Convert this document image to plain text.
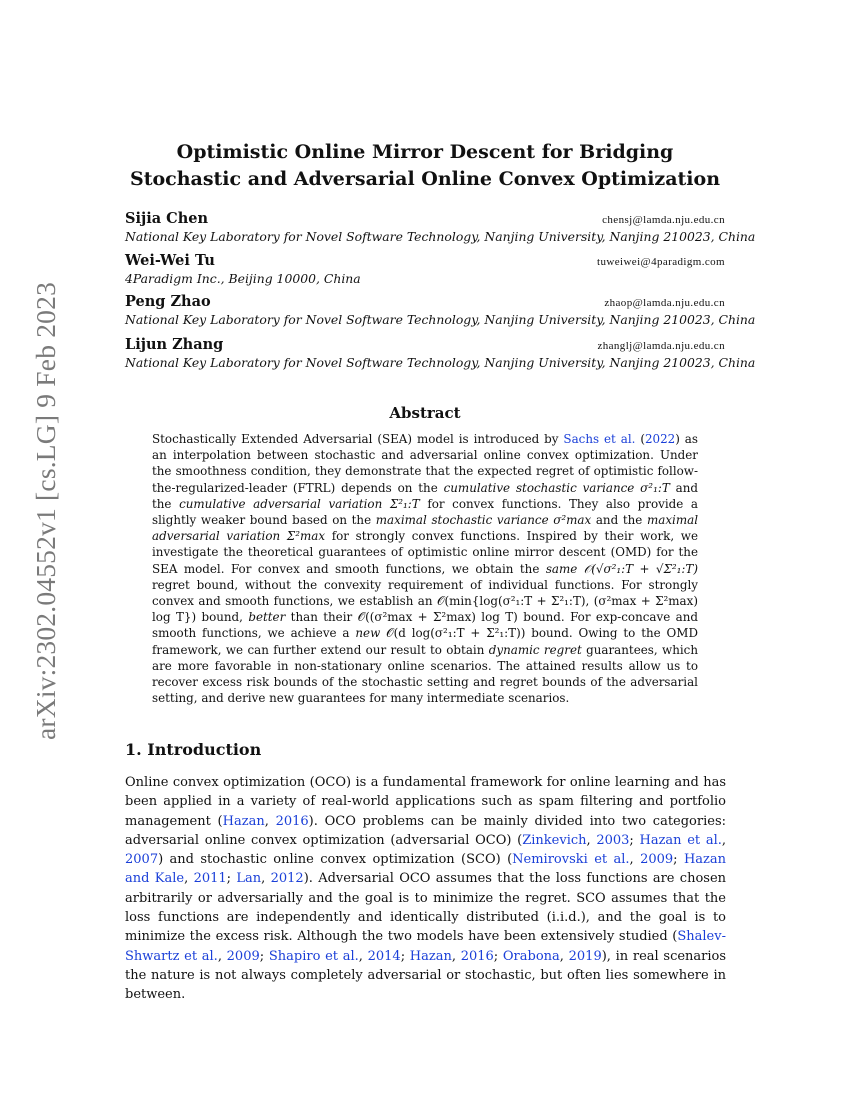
arXiv:2302.04552v1 [cs.LG] 9 Feb 2023
Optimistic Online Mirror Descent for Bridging
Stochastic and Adversarial Online Convex Optimization
Sijia Chen	chensj@lamda.nju.edu.cn
National Key Laboratory for Novel Software Technology, Nanjing University, Nanjing 210023, China
Wei-Wei Tu	tuweiwei@4paradigm.com
4Paradigm Inc., Beijing 10000, China
Peng Zhao	zhaop@lamda.nju.edu.cn
National Key Laboratory for Novel Software Technology, Nanjing University, Nanjing 210023, China
Lijun Zhang	zhanglj@lamda.nju.edu.cn
National Key Laboratory for Novel Software Technology, Nanjing University, Nanjing 210023, China
Abstract
Stochastically Extended Adversarial (SEA) model is introduced by Sachs et al. (2022) as an interpolation between stochastic and adversarial online convex optimization. Under the smoothness condition, they demonstrate that the expected regret of optimistic follow-the-regularized-leader (FTRL) depends on the cumulative stochastic variance σ²₁:T and the cumulative adversarial variation Σ²₁:T for convex functions. They also provide a slightly weaker bound based on the maximal stochastic variance σ²max and the maximal adversarial variation Σ²max for strongly convex functions. Inspired by their work, we investigate the theoretical guarantees of optimistic online mirror descent (OMD) for the SEA model. For convex and smooth functions, we obtain the same 𝒪(√σ²₁:T + √Σ²₁:T) regret bound, without the convexity requirement of individual functions. For strongly convex and smooth functions, we establish an 𝒪(min{log(σ²₁:T + Σ²₁:T), (σ²max + Σ²max) log T}) bound, better than their 𝒪((σ²max + Σ²max) log T) bound. For exp-concave and smooth functions, we achieve a new 𝒪(d log(σ²₁:T + Σ²₁:T)) bound. Owing to the OMD framework, we can further extend our result to obtain dynamic regret guarantees, which are more favorable in non-stationary online scenarios. The attained results allow us to recover excess risk bounds of the stochastic setting and regret bounds of the adversarial setting, and derive new guarantees for many intermediate scenarios.
1. Introduction
Online convex optimization (OCO) is a fundamental framework for online learning and has been applied in a variety of real-world applications such as spam filtering and portfolio management (Hazan, 2016). OCO problems can be mainly divided into two categories: adversarial online convex optimization (adversarial OCO) (Zinkevich, 2003; Hazan et al., 2007) and stochastic online convex optimization (SCO) (Nemirovski et al., 2009; Hazan and Kale, 2011; Lan, 2012). Adversarial OCO assumes that the loss functions are chosen arbitrarily or adversarially and the goal is to minimize the regret. SCO assumes that the loss functions are independently and identically distributed (i.i.d.), and the goal is to minimize the excess risk. Although the two models have been extensively studied (Shalev-Shwartz et al., 2009; Shapiro et al., 2014; Hazan, 2016; Orabona, 2019), in real scenarios the nature is not always completely adversarial or stochastic, but often lies somewhere in between.
